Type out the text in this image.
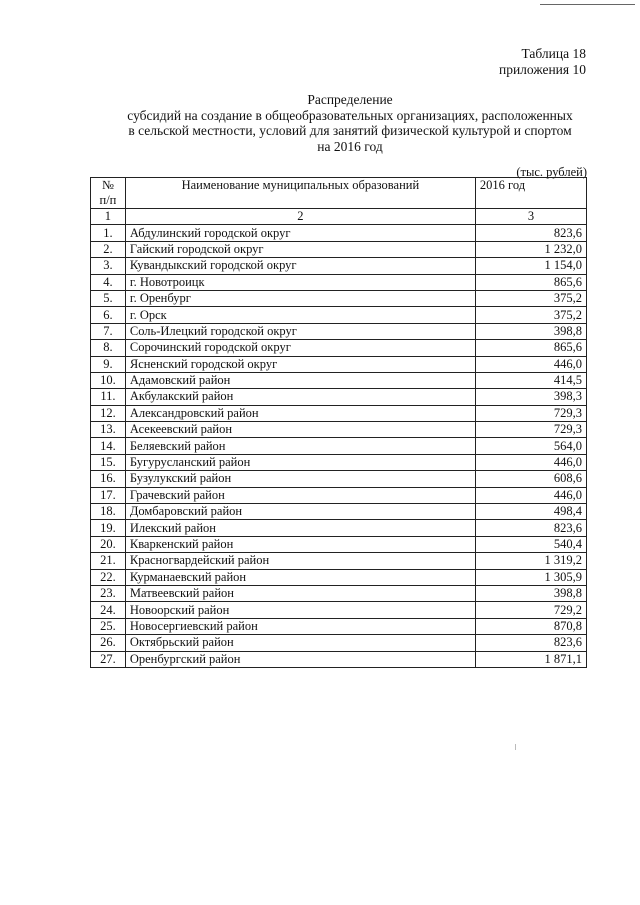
Таблица 18
приложения 10
Распределение
субсидий на создание в общеобразовательных организациях, расположенных
в сельской местности, условий для занятий физической культурой и спортом
на 2016 год
(тыс. рублей)
№
п/п	Наименование муниципальных образований	2016 год
1	2	3
1.	Абдулинский городской округ	823,6
2.	Гайский городской округ	1 232,0
3.	Кувандыкский городской округ	1 154,0
4.	г. Новотроицк	865,6
5.	г. Оренбург	375,2
6.	г. Орск	375,2
7.	Соль-Илецкий городской округ	398,8
8.	Сорочинский городской округ	865,6
9.	Ясненский городской округ	446,0
10.	Адамовский район	414,5
11.	Акбулакский район	398,3
12.	Александровский район	729,3
13.	Асекеевский район	729,3
14.	Беляевский район	564,0
15.	Бугурусланский район	446,0
16.	Бузулукский район	608,6
17.	Грачевский район	446,0
18.	Домбаровский район	498,4
19.	Илекский район	823,6
20.	Кваркенский район	540,4
21.	Красногвардейский район	1 319,2
22.	Курманаевский район	1 305,9
23.	Матвеевский район	398,8
24.	Новоорский район	729,2
25.	Новосергиевский район	870,8
26.	Октябрьский район	823,6
27.	Оренбургский район	1 871,1
